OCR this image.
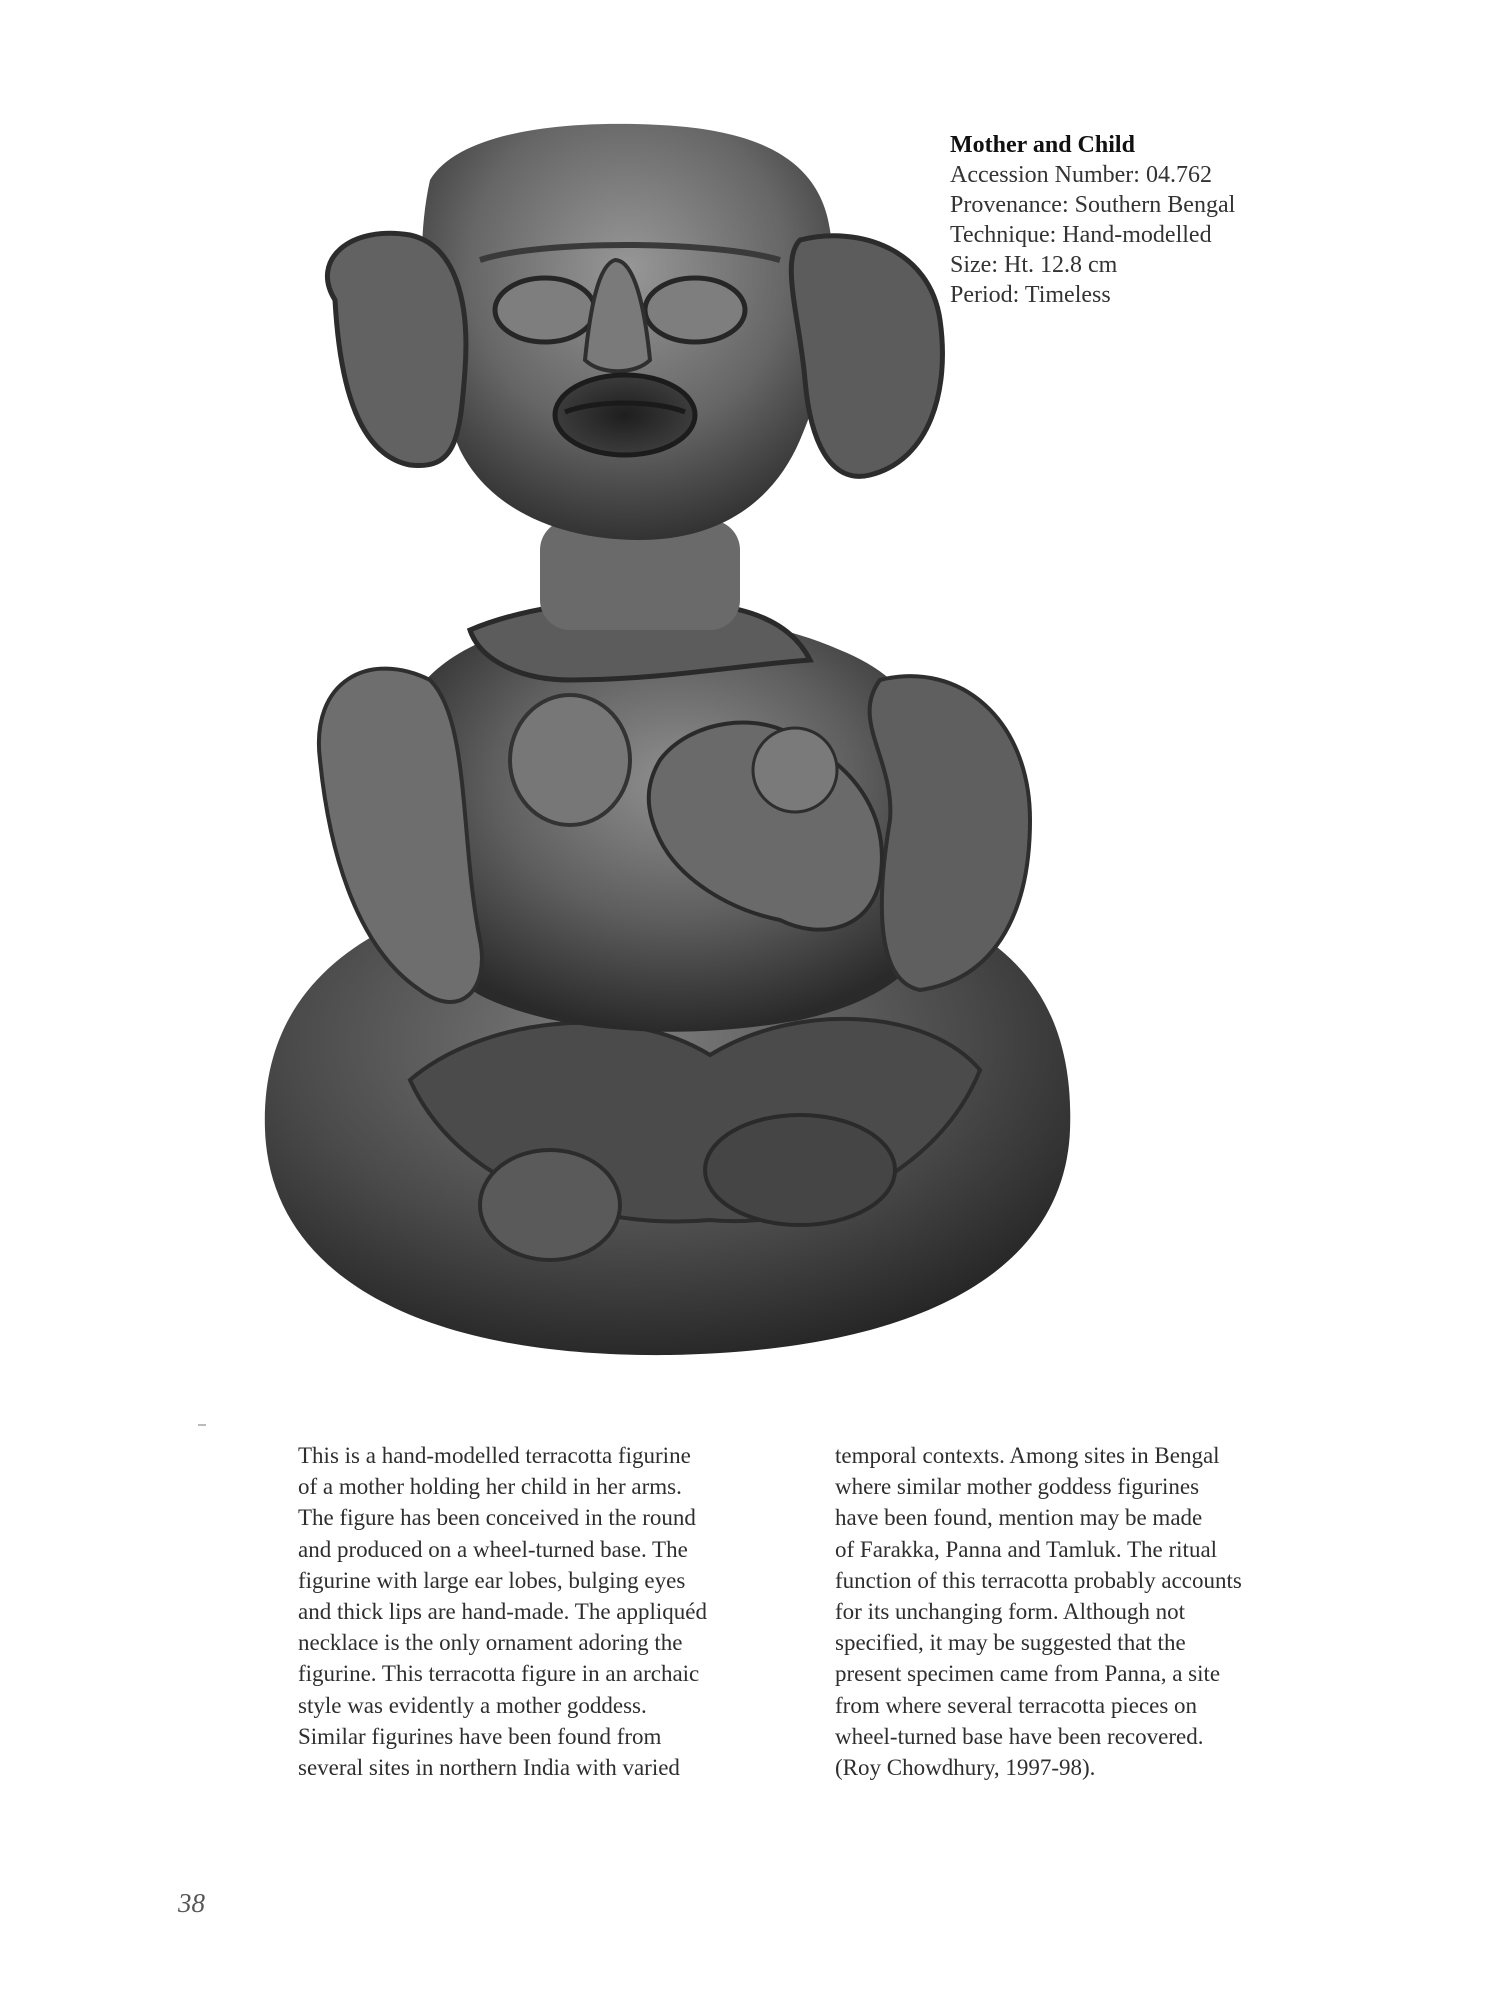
Mother and Child
Accession Number: 04.762
Provenance: Southern Bengal
Technique: Hand-modelled
Size: Ht. 12.8 cm
Period: Timeless
This is a hand-modelled terracotta figurine
of a mother holding her child in her arms.
The figure has been conceived in the round
and produced on a wheel-turned base. The
figurine with large ear lobes, bulging eyes
and thick lips are hand-made. The appliquéd
necklace is the only ornament adoring the
figurine. This terracotta figure in an archaic
style was evidently a mother goddess.
Similar figurines have been found from
several sites in northern India with varied
temporal contexts. Among sites in Bengal
where similar mother goddess figurines
have been found, mention may be made
of Farakka, Panna and Tamluk. The ritual
function of this terracotta probably accounts
for its unchanging form. Although not
specified, it may be suggested that the
present specimen came from Panna, a site
from where several terracotta pieces on
wheel-turned base have been recovered.
(Roy Chowdhury, 1997-98).
38
